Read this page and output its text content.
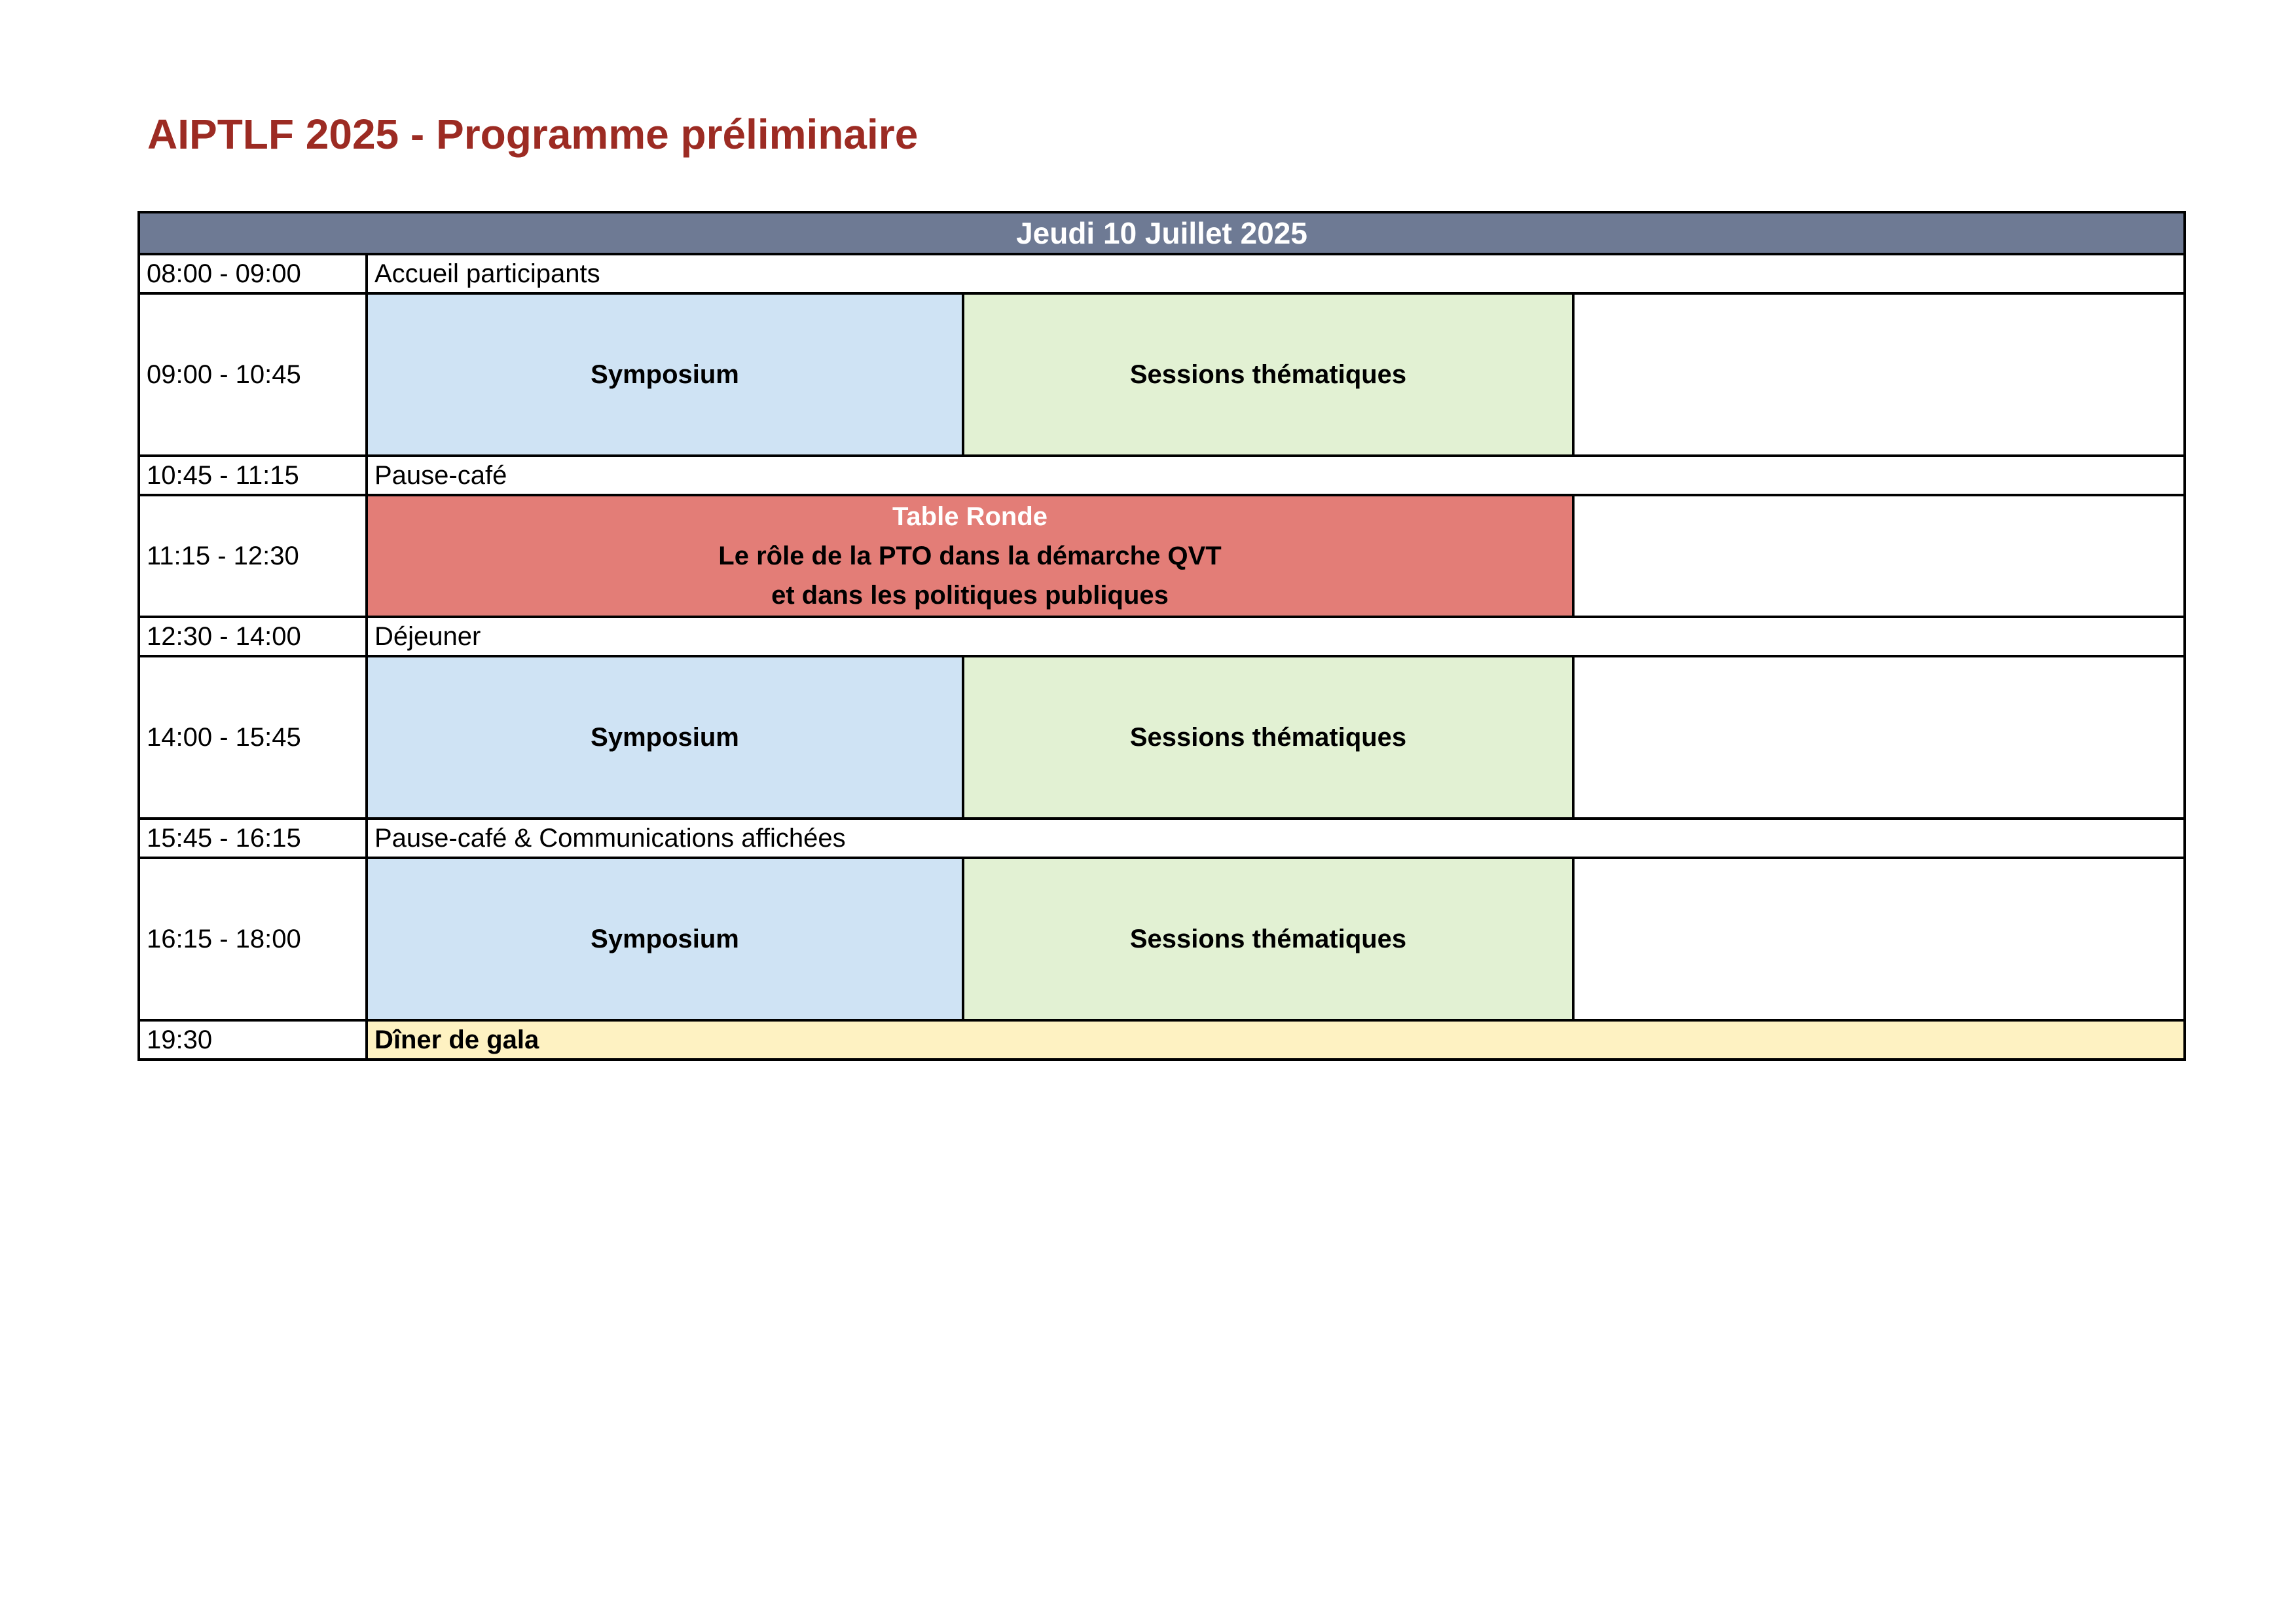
AIPTLF 2025 - Programme préliminaire
Jeudi 10 Juillet 2025			
08:00 - 09:00	Accueil participants		
09:00 - 10:45	Symposium	Sessions thématiques	
10:45 - 11:15	Pause-café		
11:15 - 12:30	Table Ronde
Le rôle de la PTO dans la démarche QVT
et dans les politiques publiques		

12:30 - 14:00	Déjeuner		
14:00 - 15:45	Symposium	Sessions thématiques	
15:45 - 16:15	Pause-café & Communications affichées		
16:15 - 18:00	Symposium	Sessions thématiques	
19:30	Dîner de gala		
